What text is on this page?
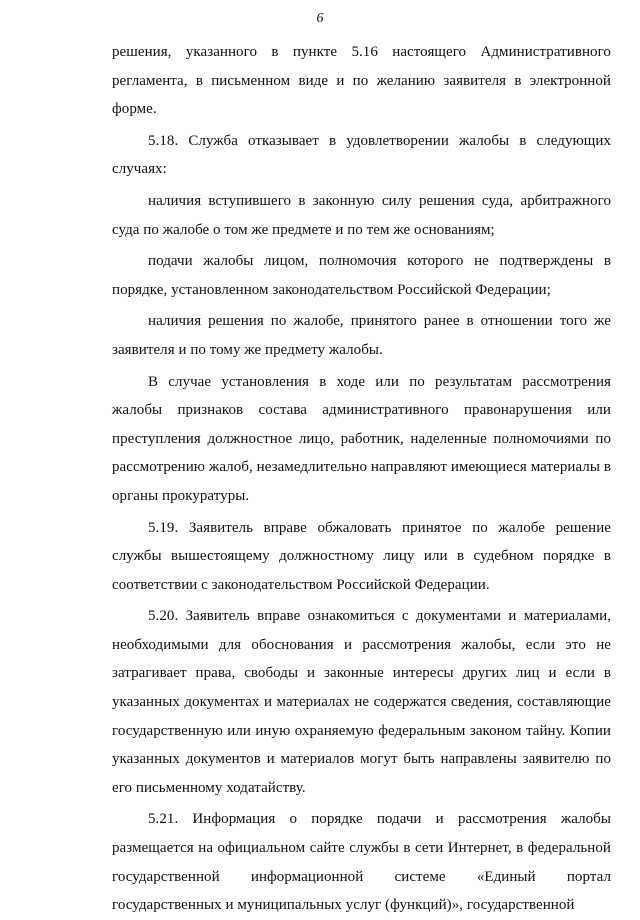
6

решения, указанного в пункте 5.16 настоящего Административного регламента, в письменном виде и по желанию заявителя в электронной форме.

5.18. Служба отказывает в удовлетворении жалобы в следующих случаях:

наличия вступившего в законную силу решения суда, арбитражного суда по жалобе о том же предмете и по тем же основаниям;

подачи жалобы лицом, полномочия которого не подтверждены в порядке, установленном законодательством Российской Федерации;

наличия решения по жалобе, принятого ранее в отношении того же заявителя и по тому же предмету жалобы.

В случае установления в ходе или по результатам рассмотрения жалобы признаков состава административного правонарушения или преступления должностное лицо, работник, наделенные полномочиями по рассмотрению жалоб, незамедлительно направляют имеющиеся материалы в органы прокуратуры.

5.19. Заявитель вправе обжаловать принятое по жалобе решение службы вышестоящему должностному лицу или в судебном порядке в соответствии с законодательством Российской Федерации.

5.20. Заявитель вправе ознакомиться с документами и материалами, необходимыми для обоснования и рассмотрения жалобы, если это не затрагивает права, свободы и законные интересы других лиц и если в указанных документах и материалах не содержатся сведения, составляющие государственную или иную охраняемую федеральным законом тайну. Копии указанных документов и материалов могут быть направлены заявителю по его письменному ходатайству.

5.21. Информация о порядке подачи и рассмотрения жалобы размещается на официальном сайте службы в сети Интернет, в федеральной государственной информационной системе «Единый портал государственных и муниципальных услуг (функций)», государственной
